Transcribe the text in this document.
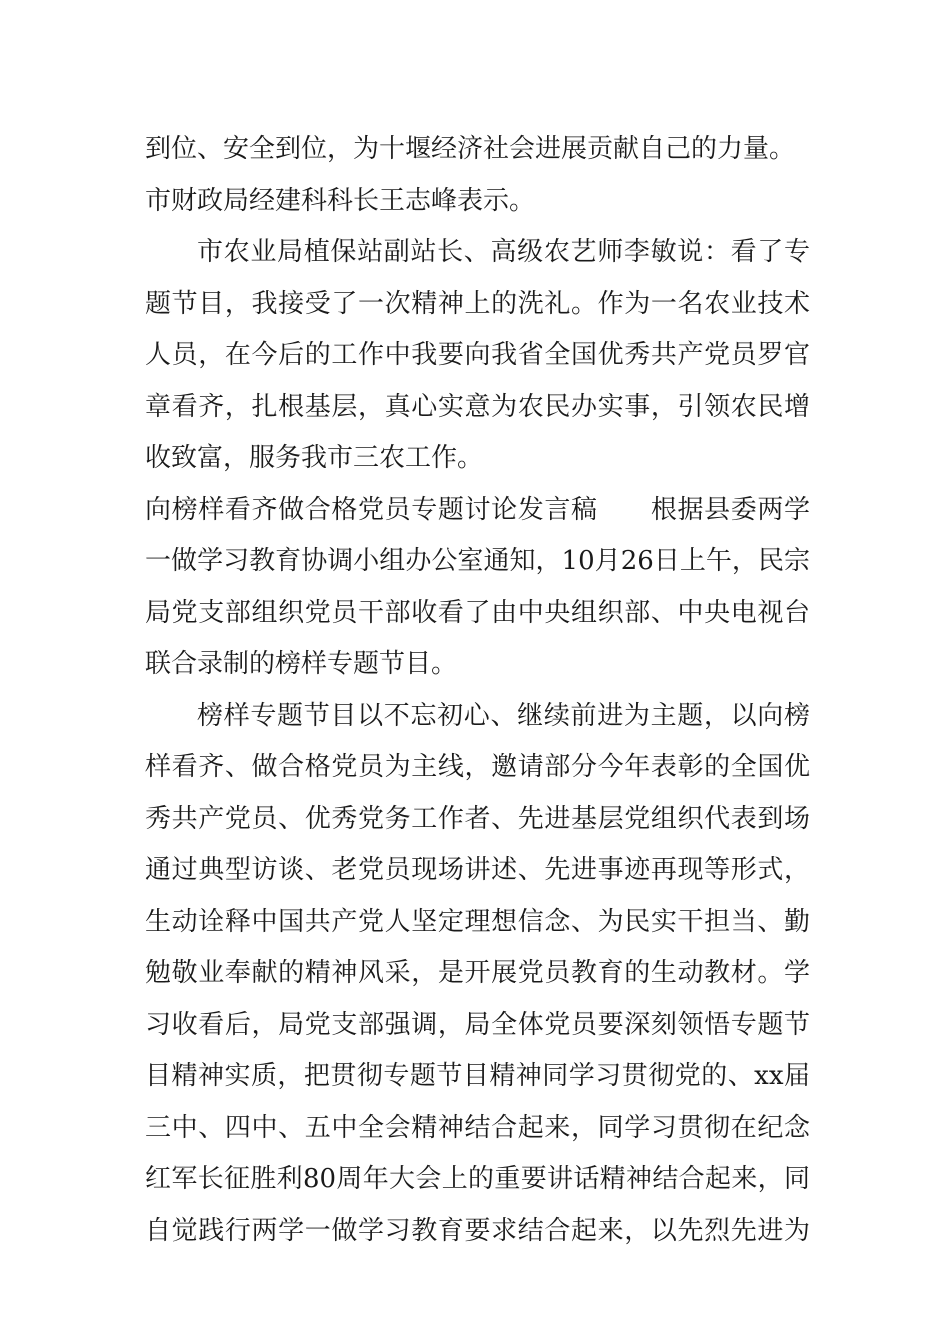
到位、安全到位，为十堰经济社会进展贡献自己的力量。
市财政局经建科科长王志峰表示。
市农业局植保站副站长、高级农艺师李敏说：看了专
题节目，我接受了一次精神上的洗礼。作为一名农业技术
人员，在今后的工作中我要向我省全国优秀共产党员罗官
章看齐，扎根基层，真心实意为农民办实事，引领农民增
收致富，服务我市三农工作。
向榜样看齐做合格党员专题讨论发言稿　　根据县委两学
一做学习教育协调小组办公室通知，10月26日上午，民宗
局党支部组织党员干部收看了由中央组织部、中央电视台
联合录制的榜样专题节目。
榜样专题节目以不忘初心、继续前进为主题，以向榜
样看齐、做合格党员为主线，邀请部分今年表彰的全国优
秀共产党员、优秀党务工作者、先进基层党组织代表到场
通过典型访谈、老党员现场讲述、先进事迹再现等形式，
生动诠释中国共产党人坚定理想信念、为民实干担当、勤
勉敬业奉献的精神风采，是开展党员教育的生动教材。学
习收看后，局党支部强调，局全体党员要深刻领悟专题节
目精神实质，把贯彻专题节目精神同学习贯彻党的、xx届
三中、四中、五中全会精神结合起来，同学习贯彻在纪念
红军长征胜利80周年大会上的重要讲话精神结合起来，同
自觉践行两学一做学习教育要求结合起来，以先烈先进为
